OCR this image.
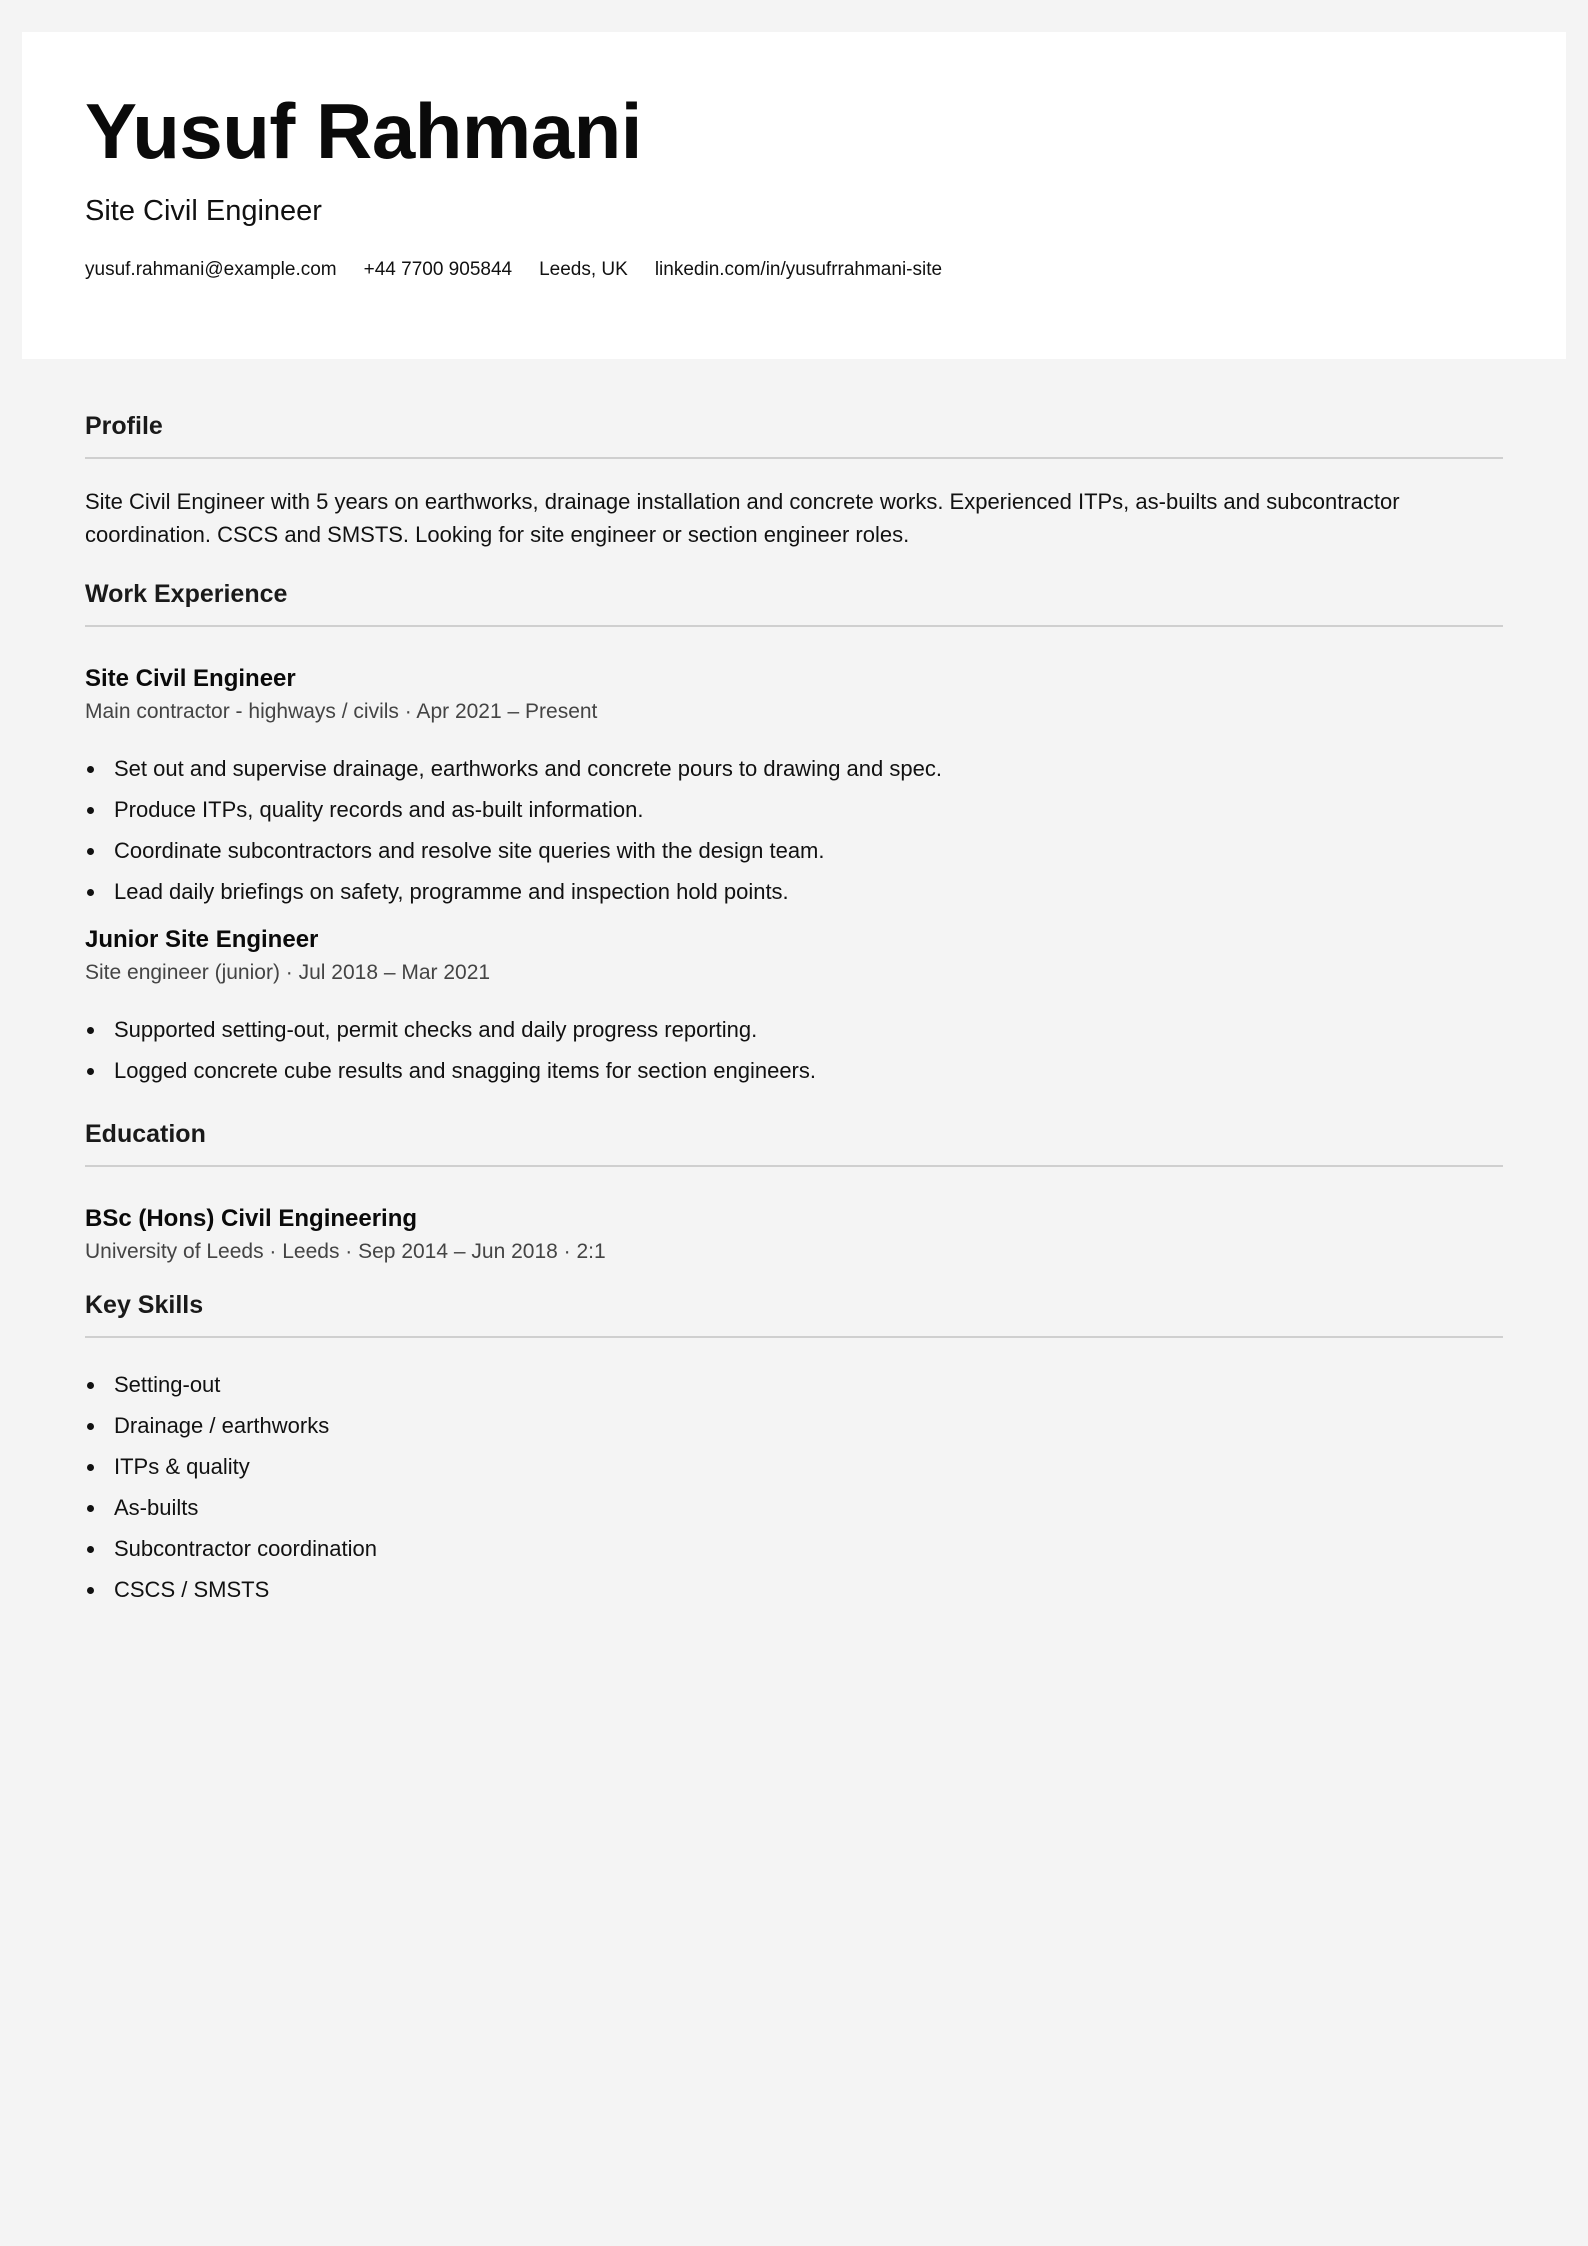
Yusuf Rahmani
Site Civil Engineer
yusuf.rahmani@example.com +44 7700 905844 Leeds, UK linkedin.com/in/yusufrrahmani-site
Profile

Site Civil Engineer with 5 years on earthworks, drainage installation and concrete works. Experienced ITPs, as-builts and subcontractor coordination. CSCS and SMSTS. Looking for site engineer or section engineer roles.

Work Experience
Site Civil Engineer
Main contractor - highways / civils · Apr 2021 – Present
Set out and supervise drainage, earthworks and concrete pours to drawing and spec.
Produce ITPs, quality records and as-built information.
Coordinate subcontractors and resolve site queries with the design team.
Lead daily briefings on safety, programme and inspection hold points.
Junior Site Engineer
Site engineer (junior) · Jul 2018 – Mar 2021
Supported setting-out, permit checks and daily progress reporting.
Logged concrete cube results and snagging items for section engineers.
Education
BSc (Hons) Civil Engineering
University of Leeds · Leeds · Sep 2014 – Jun 2018 · 2:1
Key Skills
Setting-out
Drainage / earthworks
ITPs & quality
As-builts
Subcontractor coordination
CSCS / SMSTS
